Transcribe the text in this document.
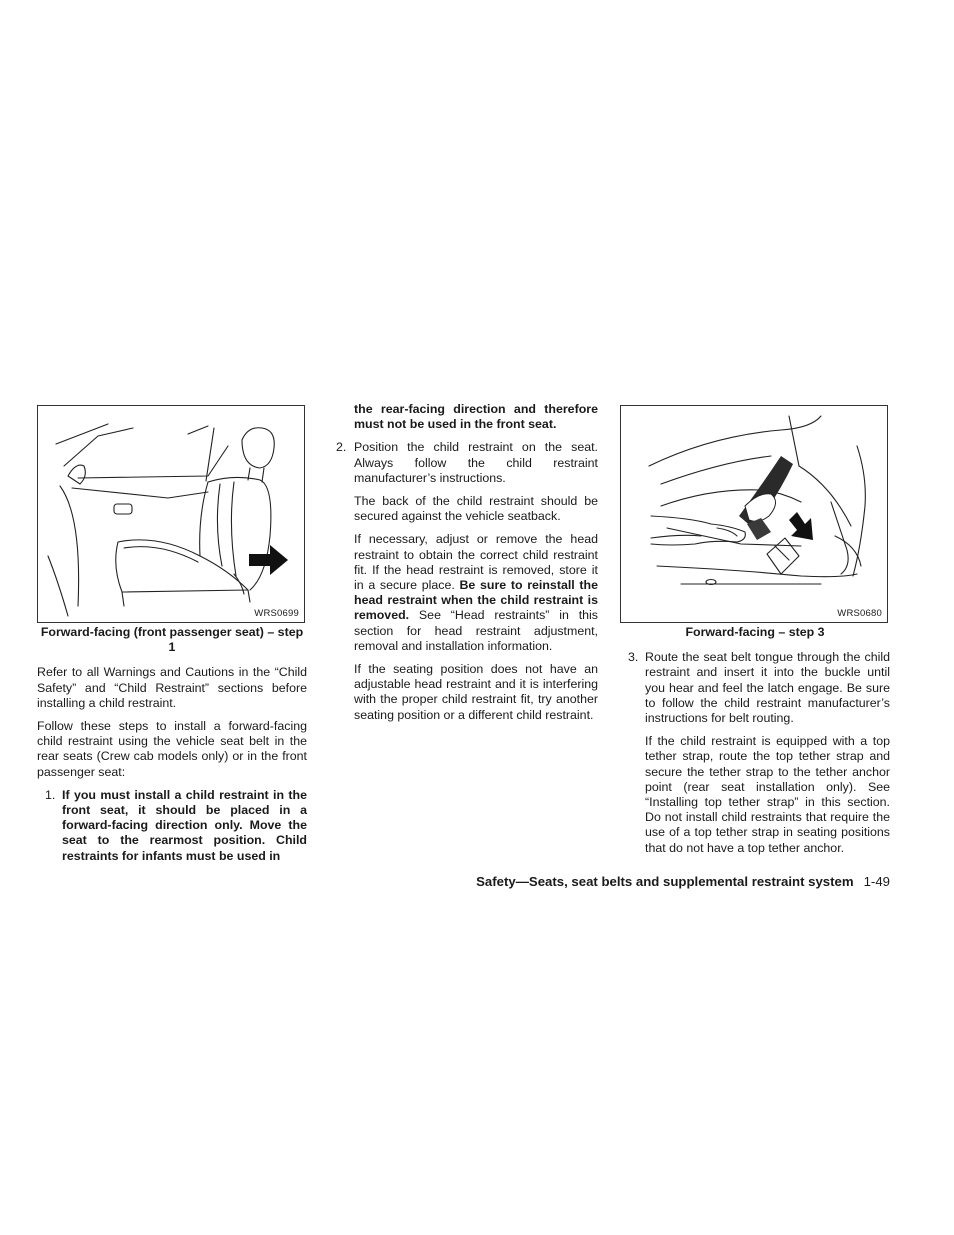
WRS0699
Forward-facing (front passenger seat) – step 1

Refer to all Warnings and Cautions in the “Child Safety” and “Child Restraint” sections before installing a child restraint.

Follow these steps to install a forward-facing child restraint using the vehicle seat belt in the rear seats (Crew cab models only) or in the front passenger seat:

1. If you must install a child restraint in the front seat, it should be placed in a forward-facing direction only. Move the seat to the rearmost position. Child restraints for infants must be used in

the rear-facing direction and therefore must not be used in the front seat.

2. Position the child restraint on the seat. Always follow the child restraint manufacturer’s instructions.

The back of the child restraint should be secured against the vehicle seatback.

If necessary, adjust or remove the head restraint to obtain the correct child restraint fit. If the head restraint is removed, store it in a secure place. Be sure to reinstall the head restraint when the child restraint is removed. See “Head restraints” in this section for head restraint adjustment, removal and installation information.

If the seating position does not have an adjustable head restraint and it is interfering with the proper child restraint fit, try another seating position or a different child restraint.

WRS0680
Forward-facing – step 3
3. Route the seat belt tongue through the child restraint and insert it into the buckle until you hear and feel the latch engage. Be sure to follow the child restraint manufacturer’s instructions for belt routing.

If the child restraint is equipped with a top tether strap, route the top tether strap and secure the tether strap to the tether anchor point (rear seat installation only). See “Installing top tether strap” in this section. Do not install child restraints that require the use of a top tether strap in seating positions that do not have a top tether anchor.

Safety—Seats, seat belts and supplemental restraint system 1-49
